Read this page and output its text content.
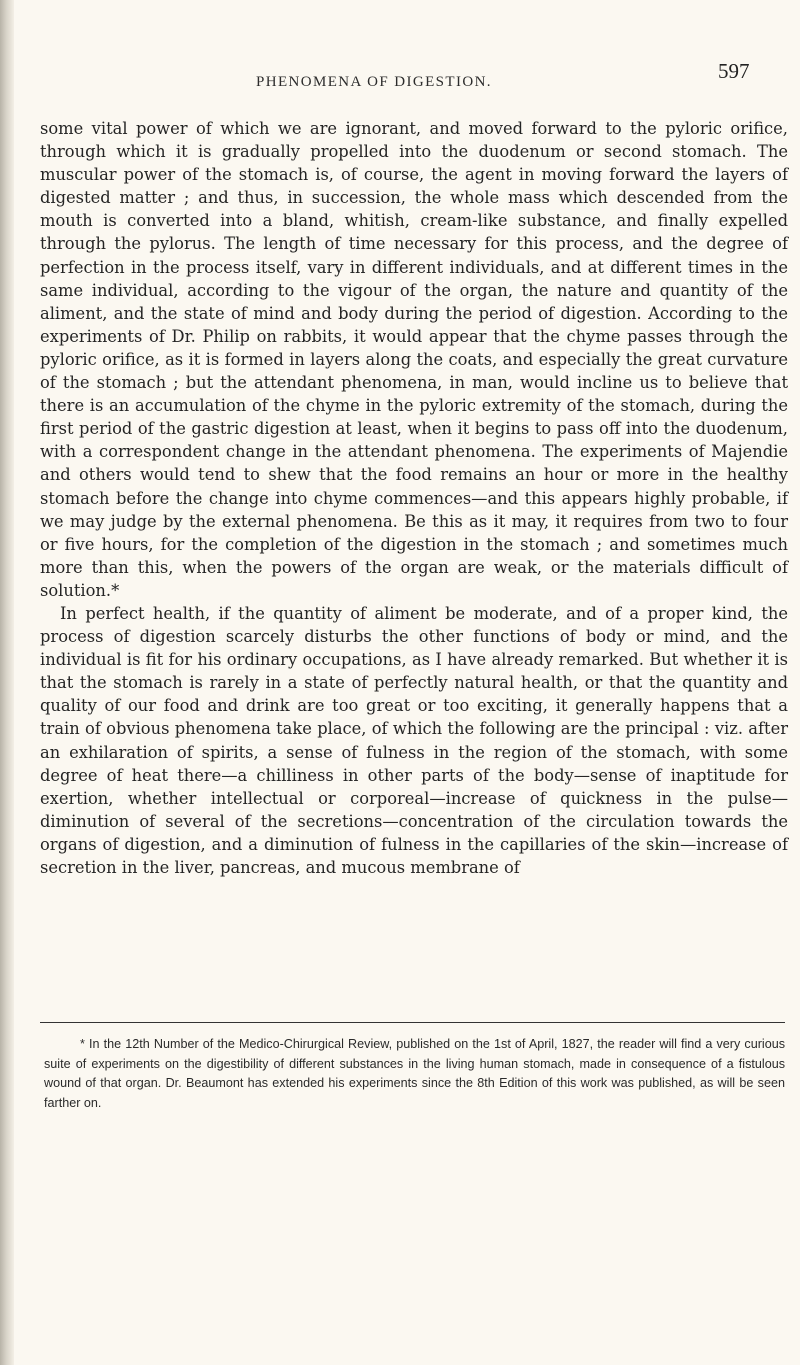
PHENOMENA OF DIGESTION.	597

some vital power of which we are ignorant, and moved forward to the pyloric orifice, through which it is gradually propelled into the duodenum or second stomach. The muscular power of the stomach is, of course, the agent in moving forward the layers of digested matter ; and thus, in succession, the whole mass which descended from the mouth is converted into a bland, whitish, cream-like substance, and finally expelled through the pylorus. The length of time necessary for this process, and the degree of perfection in the process itself, vary in different individuals, and at different times in the same individual, according to the vigour of the organ, the nature and quantity of the aliment, and the state of mind and body during the period of digestion. According to the experiments of Dr. Philip on rabbits, it would appear that the chyme passes through the pyloric orifice, as it is formed in layers along the coats, and especially the great curvature of the stomach ; but the attendant phenomena, in man, would incline us to believe that there is an accumulation of the chyme in the pyloric extremity of the stomach, during the first period of the gastric digestion at least, when it begins to pass off into the duodenum, with a correspondent change in the attendant phenomena. The experiments of Majendie and others would tend to shew that the food remains an hour or more in the healthy stomach before the change into chyme commences—and this appears highly probable, if we may judge by the external phenomena. Be this as it may, it requires from two to four or five hours, for the completion of the digestion in the stomach ; and sometimes much more than this, when the powers of the organ are weak, or the materials difficult of solution.*

In perfect health, if the quantity of aliment be moderate, and of a proper kind, the process of digestion scarcely disturbs the other functions of body or mind, and the individual is fit for his ordinary occupations, as I have already remarked. But whether it is that the stomach is rarely in a state of perfectly natural health, or that the quantity and quality of our food and drink are too great or too exciting, it generally happens that a train of obvious phenomena take place, of which the following are the principal : viz. after an exhilaration of spirits, a sense of fulness in the region of the stomach, with some degree of heat there—a chilliness in other parts of the body—sense of inaptitude for exertion, whether intellectual or corporeal—increase of quickness in the pulse—diminution of several of the secretions—concentration of the circulation towards the organs of digestion, and a diminution of fulness in the capillaries of the skin—increase of secretion in the liver, pancreas, and mucous membrane of

* In the 12th Number of the Medico-Chirurgical Review, published on the 1st of April, 1827, the reader will find a very curious suite of experiments on the digestibility of different substances in the living human stomach, made in consequence of a fistulous wound of that organ. Dr. Beaumont has extended his experiments since the 8th Edition of this work was published, as will be seen farther on.
